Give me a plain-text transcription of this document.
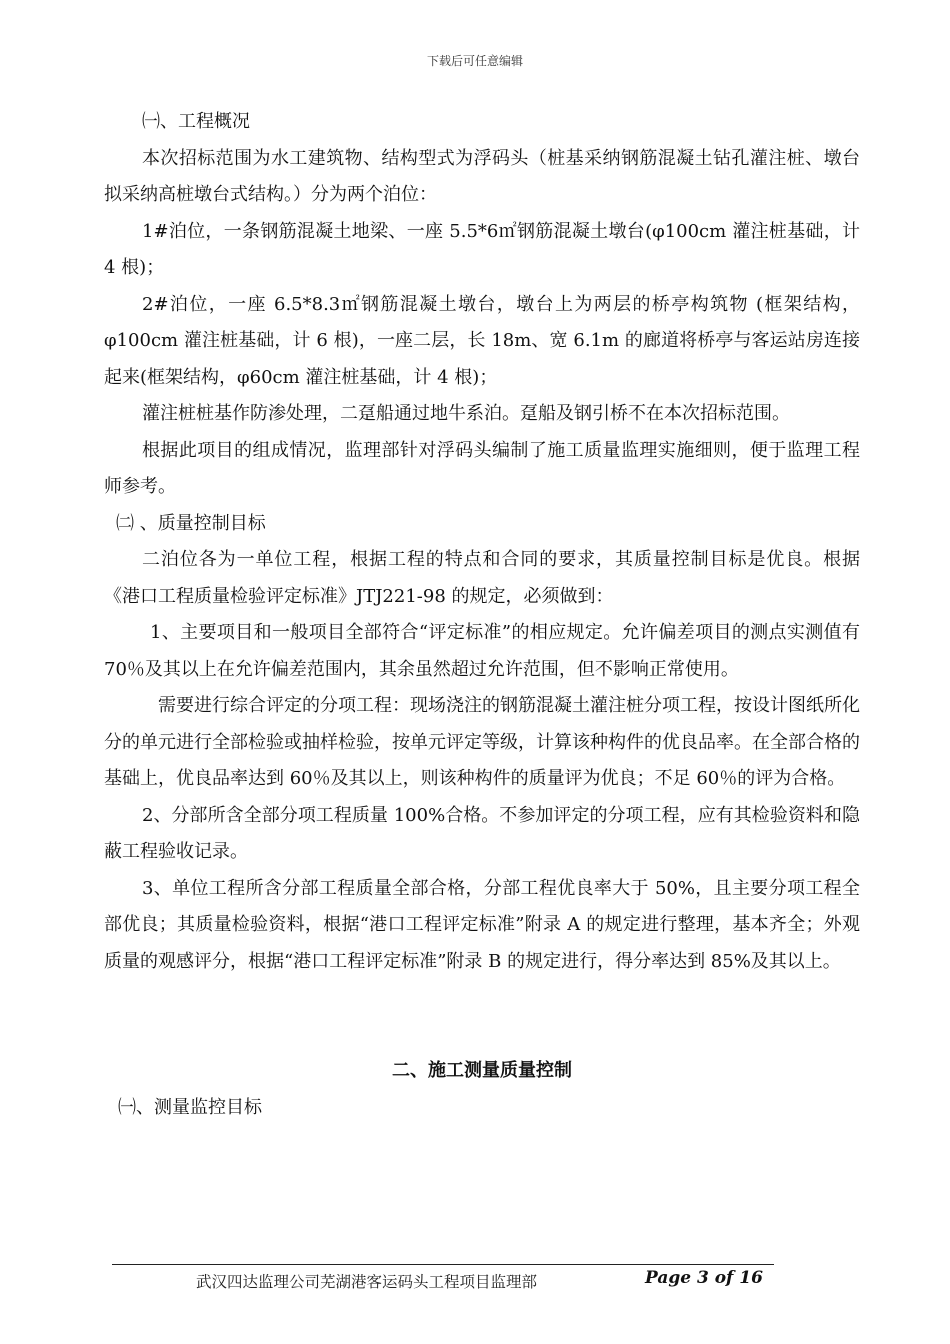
下载后可任意编辑

㈠、工程概况

本次招标范围为水工建筑物、结构型式为浮码头（桩基采纳钢筋混凝土钻孔灌注桩、墩台拟采纳高桩墩台式结构。）分为两个泊位：

1#泊位，一条钢筋混凝土地梁、一座 5.5*6㎡钢筋混凝土墩台(φ100cm 灌注桩基础，计 4 根)；

2#泊位，一座 6.5*8.3㎡钢筋混凝土墩台，墩台上为两层的桥亭构筑物 (框架结构，φ100cm 灌注桩基础，计 6 根)，一座二层，长 18m、宽 6.1m 的廊道将桥亭与客运站房连接起来(框架结构，φ60cm 灌注桩基础，计 4 根)；

灌注桩桩基作防渗处理，二趸船通过地牛系泊。趸船及钢引桥不在本次招标范围。

根据此项目的组成情况，监理部针对浮码头编制了施工质量监理实施细则，便于监理工程师参考。

㈡ 、质量控制目标

二泊位各为一单位工程，根据工程的特点和合同的要求，其质量控制目标是优良。根据《港口工程质量检验评定标准》JTJ221-98 的规定，必须做到：

1、主要项目和一般项目全部符合“评定标准”的相应规定。允许偏差项目的测点实测值有 70％及其以上在允许偏差范围内，其余虽然超过允许范围，但不影响正常使用。

需要进行综合评定的分项工程：现场浇注的钢筋混凝土灌注桩分项工程，按设计图纸所化分的单元进行全部检验或抽样检验，按单元评定等级，计算该种构件的优良品率。在全部合格的基础上，优良品率达到 60％及其以上，则该种构件的质量评为优良；不足 60％的评为合格。

2、分部所含全部分项工程质量 100%合格。不参加评定的分项工程，应有其检验资料和隐蔽工程验收记录。

3、单位工程所含分部工程质量全部合格，分部工程优良率大于 50%，且主要分项工程全部优良；其质量检验资料，根据“港口工程评定标准”附录 A 的规定进行整理，基本齐全；外观质量的观感评分，根据“港口工程评定标准”附录 B 的规定进行，得分率达到 85%及其以上。

二、施工测量质量控制

㈠、测量监控目标

武汉四达监理公司芜湖港客运码头工程项目监理部	Page 3 of 16
